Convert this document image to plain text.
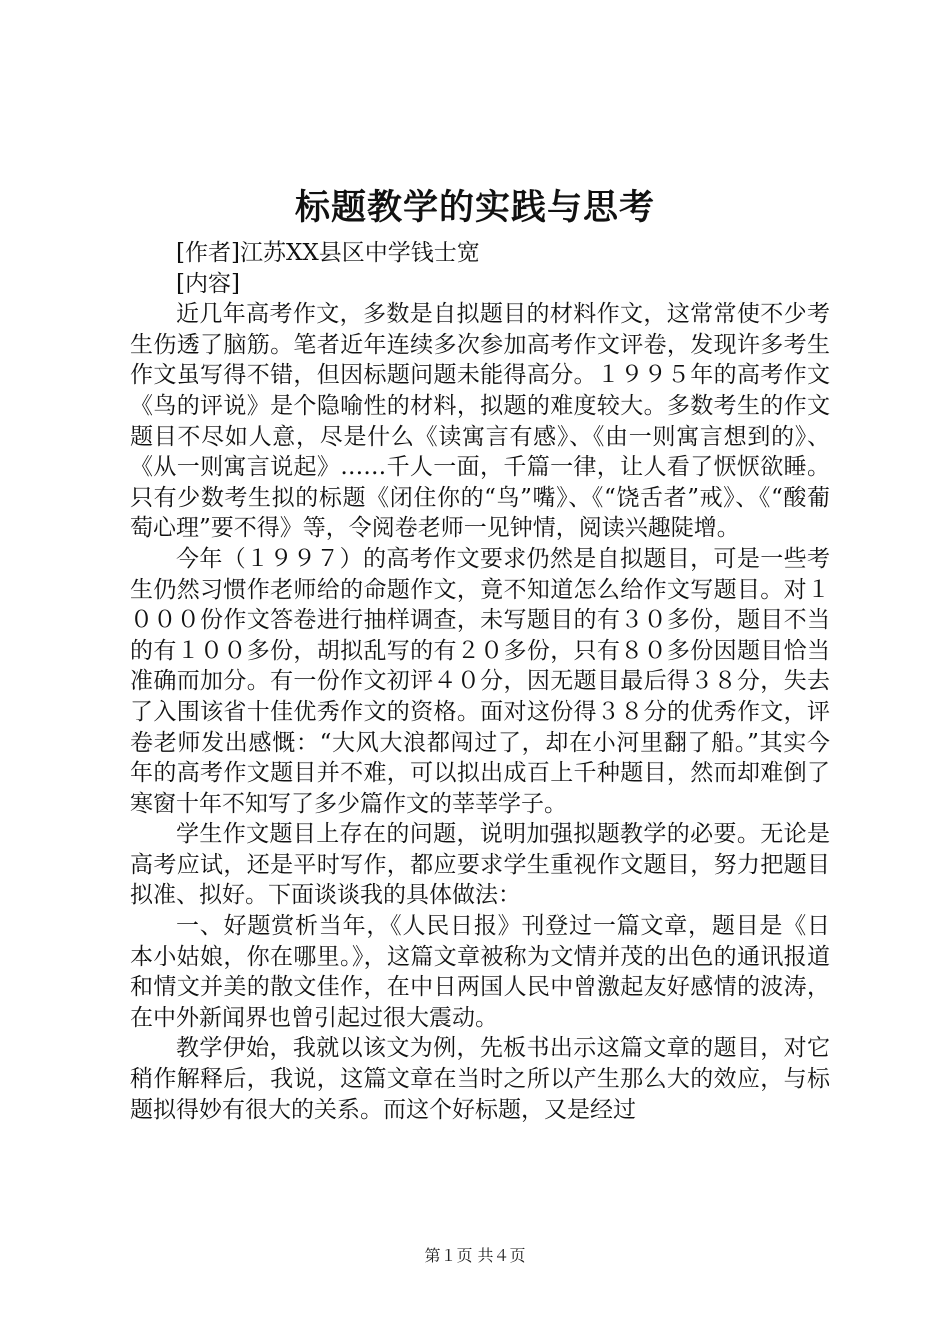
标题教学的实践与思考

[作者]江苏XX县区中学钱士宽

[内容]

近几年高考作文，多数是自拟题目的材料作文，这常常使不少考生伤透了脑筋。笔者近年连续多次参加高考作文评卷，发现许多考生作文虽写得不错，但因标题问题未能得高分。１９９５年的高考作文《鸟的评说》是个隐喻性的材料，拟题的难度较大。多数考生的作文题目不尽如人意，尽是什么《读寓言有感》、《由一则寓言想到的》、《从一则寓言说起》……千人一面，千篇一律，让人看了恹恹欲睡。只有少数考生拟的标题《闭住你的“鸟”嘴》、《“饶舌者”戒》、《“酸葡萄心理”要不得》等，令阅卷老师一见钟情，阅读兴趣陡增。

今年（１９９７）的高考作文要求仍然是自拟题目，可是一些考生仍然习惯作老师给的命题作文，竟不知道怎么给作文写题目。对１０００份作文答卷进行抽样调查，未写题目的有３０多份，题目不当的有１００多份，胡拟乱写的有２０多份，只有８０多份因题目恰当准确而加分。有一份作文初评４０分，因无题目最后得３８分，失去了入围该省十佳优秀作文的资格。面对这份得３８分的优秀作文，评卷老师发出感慨：“大风大浪都闯过了，却在小河里翻了船。”其实今年的高考作文题目并不难，可以拟出成百上千种题目，然而却难倒了寒窗十年不知写了多少篇作文的莘莘学子。

学生作文题目上存在的问题，说明加强拟题教学的必要。无论是高考应试，还是平时写作，都应要求学生重视作文题目，努力把题目拟准、拟好。下面谈谈我的具体做法：

一、好题赏析当年，《人民日报》刊登过一篇文章，题目是《日本小姑娘，你在哪里。》，这篇文章被称为文情并茂的出色的通讯报道和情文并美的散文佳作，在中日两国人民中曾激起友好感情的波涛，在中外新闻界也曾引起过很大震动。

教学伊始，我就以该文为例，先板书出示这篇文章的题目，对它稍作解释后，我说，这篇文章在当时之所以产生那么大的效应，与标题拟得妙有很大的关系。而这个好标题，又是经过

第１页 共４页
